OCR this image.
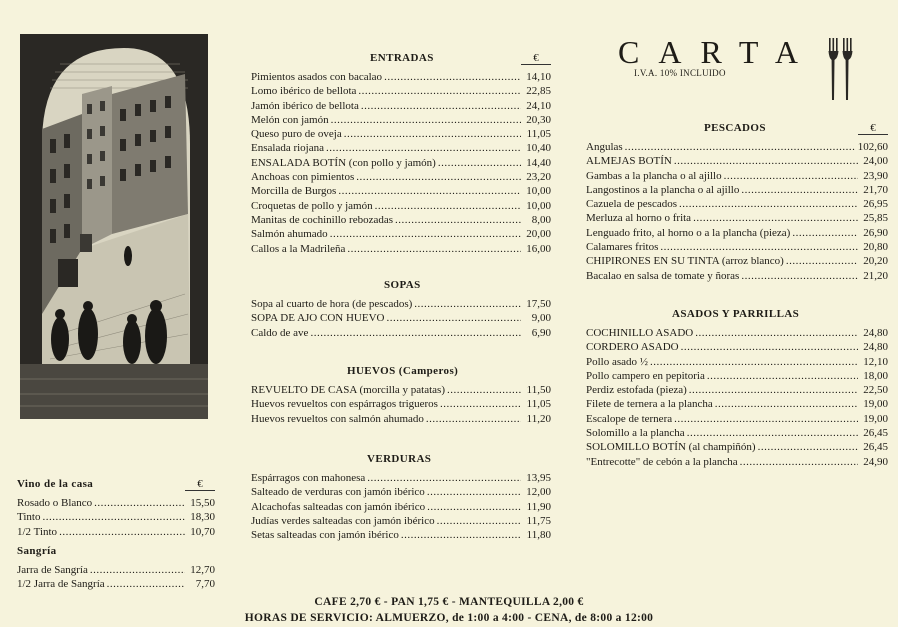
ENTRADAS	€
Pimientos asados con bacalao .....	14,10
Lomo ibérico de bellota .....	22,85
Jamón ibérico de bellota .....	24,10
Melón con jamón .....	20,30
Queso puro de oveja .....	11,05
Ensalada riojana .....	10,40
ENSALADA BOTÍN (con pollo y jamón) .....	14,40
Anchoas con pimientos .....	23,20
Morcilla de Burgos .....	10,00
Croquetas de pollo y jamón .....	10,00
Manitas de cochinillo rebozadas .....	8,00
Salmón ahumado .....	20,00
Callos a la Madrileña .....	16,00
SOPAS
Sopa al cuarto de hora (de pescados) .....	17,50
SOPA DE AJO CON HUEVO .....	9,00
Caldo de ave .....	6,90
HUEVOS (Camperos)
REVUELTO DE CASA (morcilla y patatas) .....	11,50
Huevos revueltos con espárragos trigueros .....	11,05
Huevos revueltos con salmón ahumado .....	11,20
VERDURAS
Espárragos con mahonesa .....	13,95
Salteado de verduras con jamón ibérico .....	12,00
Alcachofas salteadas con jamón ibérico .....	11,90
Judías verdes salteadas con jamón ibérico .....	11,75
Setas salteadas con jamón ibérico .....	11,80
CARTA
I.V.A. 10% INCLUIDO
PESCADOS	€
Angulas .....	102,60
ALMEJAS BOTÍN .....	24,00
Gambas a la plancha o al ajillo .....	23,90
Langostinos a la plancha o al ajillo .....	21,70
Cazuela de pescados .....	26,95
Merluza al horno o frita .....	25,85
Lenguado frito, al horno o a la plancha (pieza) .....	26,90
Calamares fritos .....	20,80
CHIPIRONES EN SU TINTA (arroz blanco) .....	20,20
Bacalao en salsa de tomate y ñoras .....	21,20
ASADOS Y PARRILLAS
COCHINILLO ASADO .....	24,80
CORDERO ASADO .....	24,80
Pollo asado ½ .....	12,10
Pollo campero en pepitoria .....	18,00
Perdiz estofada (pieza) .....	22,50
Filete de ternera a la plancha .....	19,00
Escalope de ternera .....	19,00
Solomillo a la plancha .....	26,45
SOLOMILLO BOTÍN (al champiñón) .....	26,45
"Entrecotte" de cebón a la plancha .....	24,90
Vino de la casa	€
Rosado o Blanco .....	15,50
Tinto .....	18,30
1/2 Tinto .....	10,70
Sangría
Jarra de Sangría .....	12,70
1/2 Jarra de Sangría .....	7,70
CAFE 2,70 € - PAN 1,75 € - MANTEQUILLA 2,00 €
HORAS DE SERVICIO: ALMUERZO, de 1:00 a 4:00 - CENA, de 8:00 a 12:00
